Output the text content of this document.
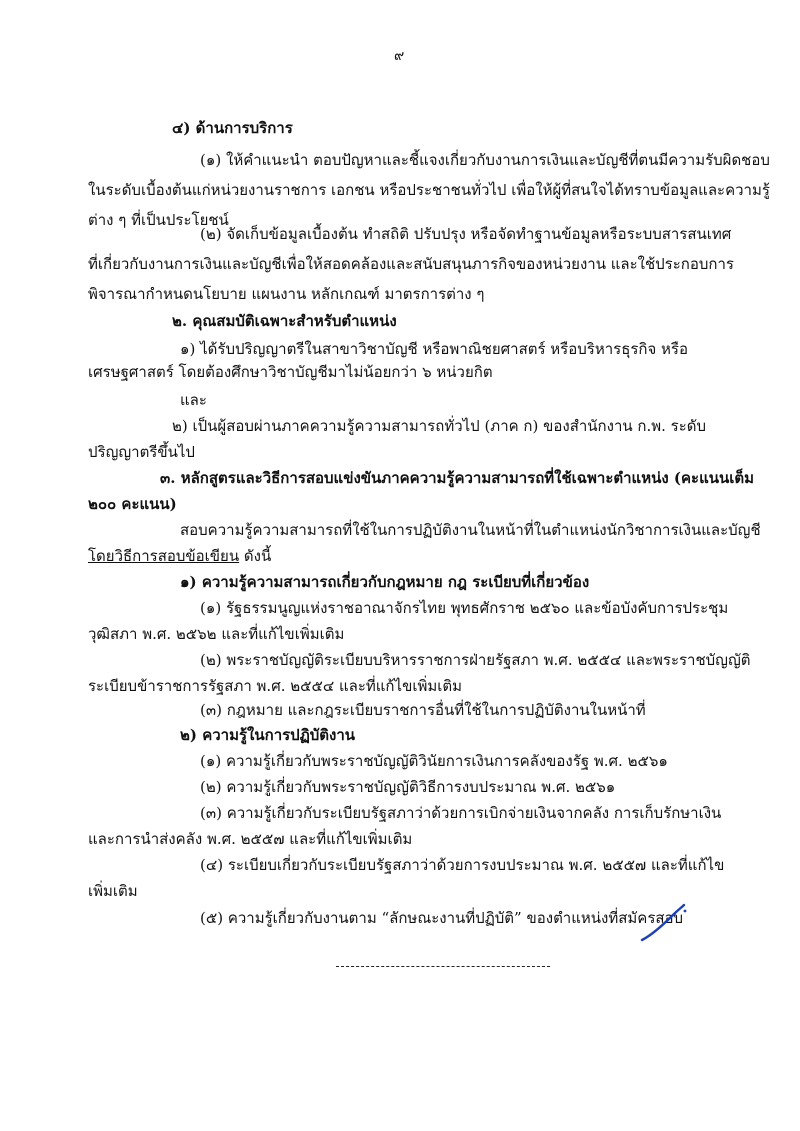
๙
๔) ด้านการบริการ
(๑) ให้คำแนะนำ ตอบปัญหาและชี้แจงเกี่ยวกับงานการเงินและบัญชีที่ตนมีความรับผิดชอบ
ในระดับเบื้องต้นแก่หน่วยงานราชการ เอกชน หรือประชาชนทั่วไป เพื่อให้ผู้ที่สนใจได้ทราบข้อมูลและความรู้
ต่าง ๆ ที่เป็นประโยชน์
(๒) จัดเก็บข้อมูลเบื้องต้น ทำสถิติ ปรับปรุง หรือจัดทำฐานข้อมูลหรือระบบสารสนเทศ
ที่เกี่ยวกับงานการเงินและบัญชีเพื่อให้สอดคล้องและสนับสนุนภารกิจของหน่วยงาน และใช้ประกอบการ
พิจารณากำหนดนโยบาย แผนงาน หลักเกณฑ์ มาตรการต่าง ๆ
๒. คุณสมบัติเฉพาะสำหรับตำแหน่ง
๑) ได้รับปริญญาตรีในสาขาวิชาบัญชี หรือพาณิชยศาสตร์ หรือบริหารธุรกิจ หรือ
เศรษฐศาสตร์ โดยต้องศึกษาวิชาบัญชีมาไม่น้อยกว่า ๖ หน่วยกิต
และ
๒) เป็นผู้สอบผ่านภาคความรู้ความสามารถทั่วไป (ภาค ก) ของสำนักงาน ก.พ. ระดับ
ปริญญาตรีขึ้นไป
๓. หลักสูตรและวิธีการสอบแข่งขันภาคความรู้ความสามารถที่ใช้เฉพาะตำแหน่ง (คะแนนเต็ม
๒๐๐ คะแนน)
สอบความรู้ความสามารถที่ใช้ในการปฏิบัติงานในหน้าที่ในตำแหน่งนักวิชาการเงินและบัญชี
โดยวิธีการสอบข้อเขียน ดังนี้
๑) ความรู้ความสามารถเกี่ยวกับกฎหมาย กฎ ระเบียบที่เกี่ยวข้อง
(๑) รัฐธรรมนูญแห่งราชอาณาจักรไทย พุทธศักราช ๒๕๖๐ และข้อบังคับการประชุม
วุฒิสภา พ.ศ. ๒๕๖๒ และที่แก้ไขเพิ่มเติม
(๒) พระราชบัญญัติระเบียบบริหารราชการฝ่ายรัฐสภา พ.ศ. ๒๕๕๔ และพระราชบัญญัติ
ระเบียบข้าราชการรัฐสภา พ.ศ. ๒๕๕๔ และที่แก้ไขเพิ่มเติม
(๓) กฎหมาย และกฎระเบียบราชการอื่นที่ใช้ในการปฏิบัติงานในหน้าที่
๒) ความรู้ในการปฏิบัติงาน
(๑) ความรู้เกี่ยวกับพระราชบัญญัติวินัยการเงินการคลังของรัฐ พ.ศ. ๒๕๖๑
(๒) ความรู้เกี่ยวกับพระราชบัญญัติวิธีการงบประมาณ พ.ศ. ๒๕๖๑
(๓) ความรู้เกี่ยวกับระเบียบรัฐสภาว่าด้วยการเบิกจ่ายเงินจากคลัง การเก็บรักษาเงิน
และการนำส่งคลัง พ.ศ. ๒๕๕๗ และที่แก้ไขเพิ่มเติม
(๔) ระเบียบเกี่ยวกับระเบียบรัฐสภาว่าด้วยการงบประมาณ พ.ศ. ๒๕๕๗ และที่แก้ไข
เพิ่มเติม
(๕) ความรู้เกี่ยวกับงานตาม “ลักษณะงานที่ปฏิบัติ” ของตำแหน่งที่สมัครสอบ
